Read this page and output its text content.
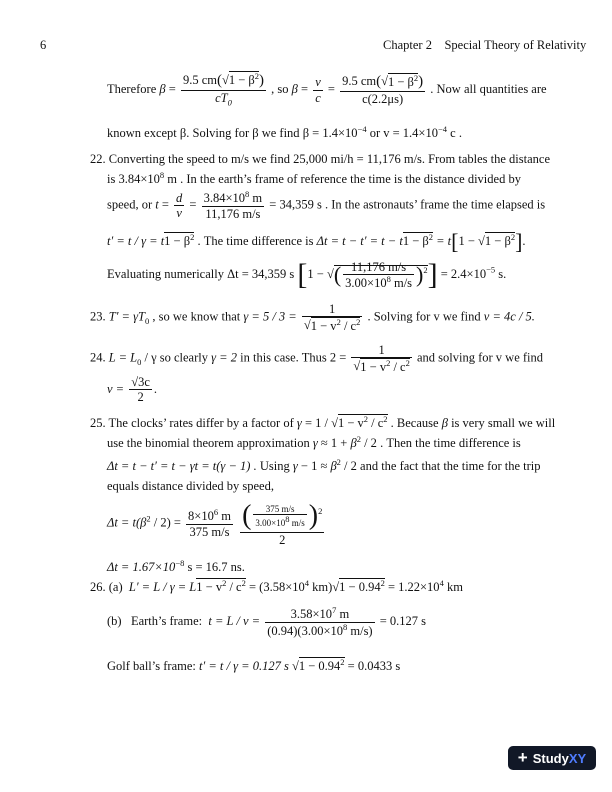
6	Chapter 2 Special Theory of Relativity
Therefore $\beta = \frac{9.5 cm(√1 - \beta^2)}{cT_0}$ , so $\beta = \frac{v}{c} = \frac{9.5 cm(√1 - \beta^2)}{c(2.2\mu s)}$ . Now all quantities are
known except β. Solving for β we find $\beta = 1.4\times 10^{-4}$ or $v = 1.4\times 10^{-4}$ c .
22. Converting the speed to m/s we find 25,000 mi/h = 11,176 m/s. From tables the distance
is $3.84\times 10^8$ m . In the earth’s frame of reference the time is the distance divided by
speed, or $t = \frac{d}{v} = \frac{3.84\times 10^8 m}{11,176 m/s} = 34,359$ s . In the astronauts’ frame the time elapsed is
$t' = t / \gamma = t1 - \beta^2$ . The time difference is $\Delta t = t - t' = t - t1 - \beta^2 = t[1 - √1 - \beta^2]$.
Evaluating numerically Δt = 34,359 s [1 − √( $\frac{11,176 m/s}{3.00\times 10^8 m/s} )^2] = 2.4\times 10^{-5}$ s.
23. $T' = \gamma T_0$ , so we know that $\gamma = 5 / 3 = \frac{1}{√1 - v^2 / c^2}$ . Solving for v we find v = 4c / 5.
24. $L = L_0 / \gamma$ so clearly γ = 2 in this case. Thus $2 = \frac{1}{√1 - v^2 / c^2}$ and solving for v we find
$v = \frac{√3c}{2}$ .
25. The clocks’ rates differ by a factor of $\gamma = 1 / √1 - v^2 / c^2$ . Because β is very small we will
use the binomial theorem approximation $\gamma \approx 1 + \beta^2 / 2$ . Then the time difference is
Δt = t − t′ = t − γt = t(γ − 1) . Using $\gamma - 1 \approx \beta^2 / 2$ and the fact that the time for the trip
equals distance divided by speed,
$\Delta t = t(\beta^2 / 2) = \frac{8\times 10^6 m}{375 m/s}$
$\frac{( \frac{375 m/s}{3.00\times 10^8 m/s} )^2}{2}$
$\Delta t = 1.67\times 10^{-8}$ s = 16.7 ns.
26. (a) $L' = L / \gamma = L1 - v^2 / c^2 = (3.58\times 10^4$ $km)√1 - 0.94^2 = 1.22\times 10^4$ km
(b) Earth’s frame: $t = L / v = \frac{3.58\times 10^7 m}{(0.94)(3.00\times 10^8 m/s)} = 0.127$ s
Golf ball’s frame: t′ = t / γ = 0.127 s $√1 - 0.94^2 = 0.0433$ s
+ StudyXY
